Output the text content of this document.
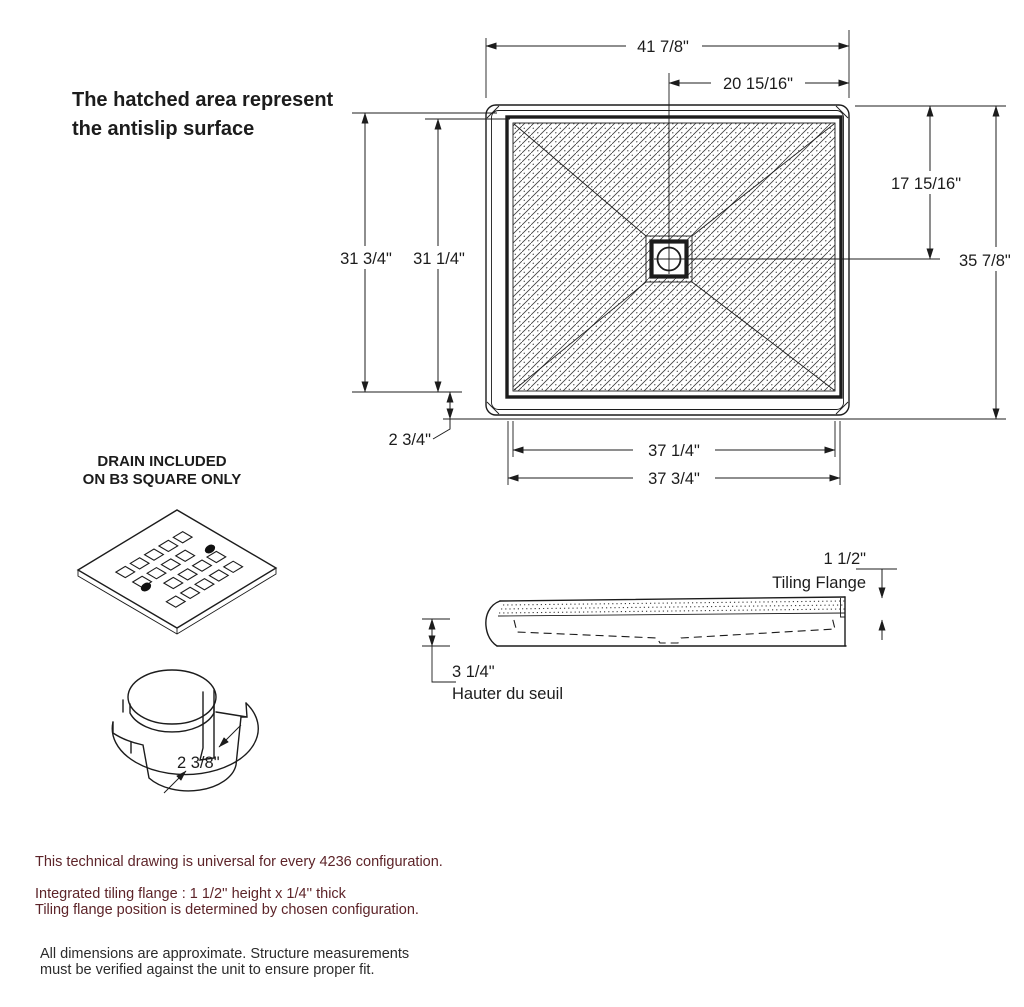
The hatched area represent
the antislip surface
41 7/8"
20 15/16"
17 15/16"
35 7/8"
31 3/4" 31 1/4"
2 3/4"
37 1/4"
37 3/4"
DRAIN INCLUDED
ON B3 SQUARE ONLY
2 3/8"
1 1/2"
Tiling Flange
3 1/4"
Hauter du seuil
This technical drawing is universal for every 4236 configuration.
Integrated tiling flange : 1 1/2'' height x 1/4'' thick
Tiling flange position is determined by chosen configuration.
All dimensions are approximate. Structure measurements
must be verified against the unit to ensure proper fit.
